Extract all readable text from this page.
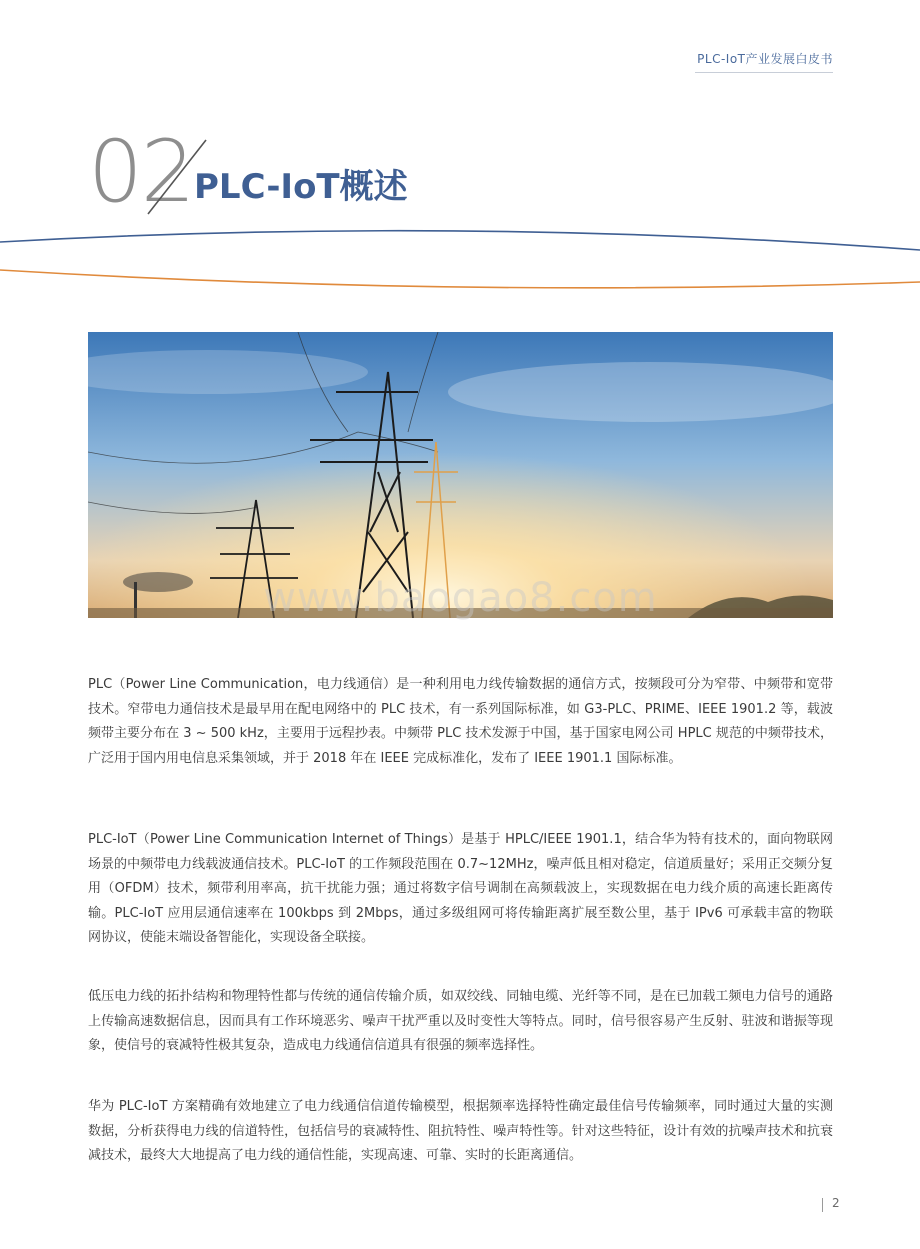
PLC-IoT产业发展白皮书
02 PLC-IoT概述
www.baogao8.com

PLC（Power Line Communication，电力线通信）是一种利用电力线传输数据的通信方式，按频段可分为窄带、中频带和宽带技术。窄带电力通信技术是最早用在配电网络中的 PLC 技术，有一系列国际标准，如 G3-PLC、PRIME、IEEE 1901.2 等，载波频带主要分布在 3 ~ 500 kHz，主要用于远程抄表。中频带 PLC 技术发源于中国，基于国家电网公司 HPLC 规范的中频带技术，广泛用于国内用电信息采集领域，并于 2018 年在 IEEE 完成标准化，发布了 IEEE 1901.1 国际标准。

PLC-IoT（Power Line Communication Internet of Things）是基于 HPLC/IEEE 1901.1，结合华为特有技术的，面向物联网场景的中频带电力线载波通信技术。PLC-IoT 的工作频段范围在 0.7~12MHz，噪声低且相对稳定，信道质量好；采用正交频分复用（OFDM）技术，频带利用率高，抗干扰能力强；通过将数字信号调制在高频载波上，实现数据在电力线介质的高速长距离传输。PLC-IoT 应用层通信速率在 100kbps 到 2Mbps，通过多级组网可将传输距离扩展至数公里，基于 IPv6 可承载丰富的物联网协议，使能末端设备智能化，实现设备全联接。

低压电力线的拓扑结构和物理特性都与传统的通信传输介质，如双绞线、同轴电缆、光纤等不同，是在已加载工频电力信号的通路上传输高速数据信息，因而具有工作环境恶劣、噪声干扰严重以及时变性大等特点。同时，信号很容易产生反射、驻波和谐振等现象，使信号的衰减特性极其复杂，造成电力线通信信道具有很强的频率选择性。

华为 PLC-IoT 方案精确有效地建立了电力线通信信道传输模型，根据频率选择特性确定最佳信号传输频率，同时通过大量的实测数据，分析获得电力线的信道特性，包括信号的衰减特性、阻抗特性、噪声特性等。针对这些特征，设计有效的抗噪声技术和抗衰减技术，最终大大地提高了电力线的通信性能，实现高速、可靠、实时的长距离通信。

2
